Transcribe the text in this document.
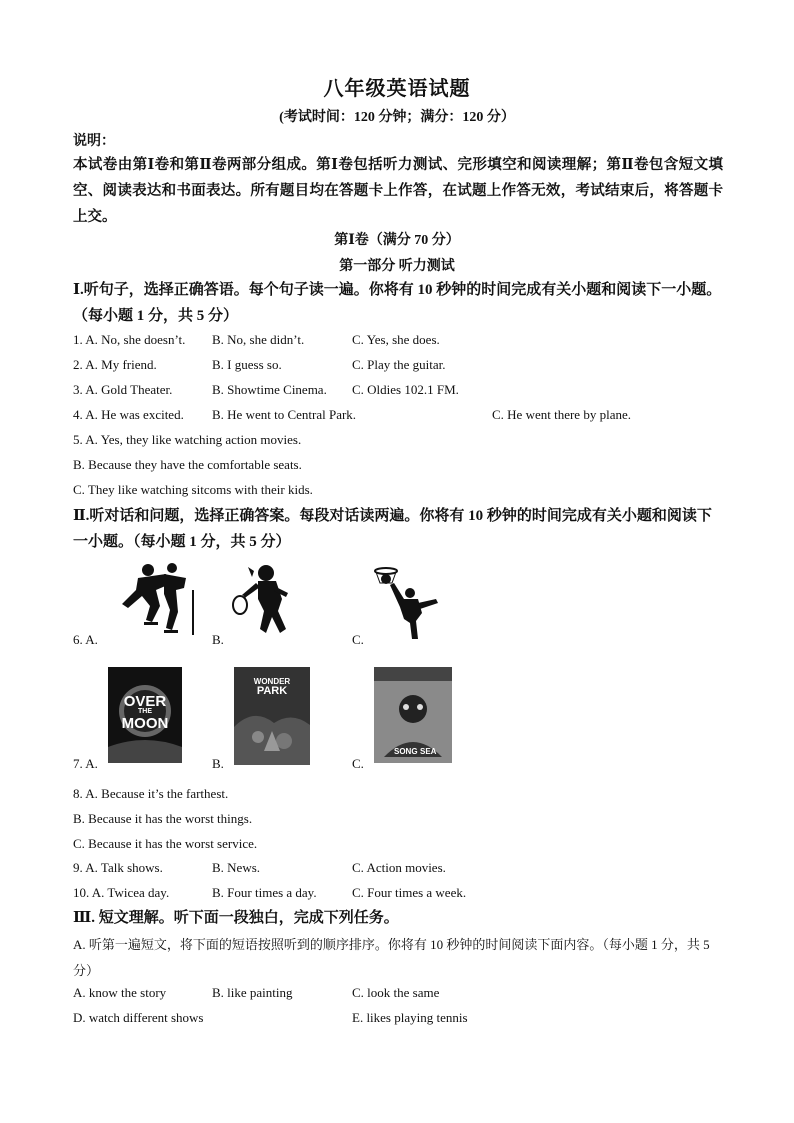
八年级英语试题
(考试时间：120 分钟；满分：120 分）
说明：
本试卷由第Ⅰ卷和第Ⅱ卷两部分组成。第Ⅰ卷包括听力测试、完形填空和阅读理解；第Ⅱ卷包含短文填空、阅读表达和书面表达。所有题目均在答题卡上作答，在试题上作答无效，考试结束后，将答题卡上交。
第Ⅰ卷（满分 70 分）
第一部分 听力测试
Ⅰ.听句子，选择正确答语。每个句子读一遍。你将有 10 秒钟的时间完成有关小题和阅读下一小题。（每小题 1 分，共 5 分）
1. A. No, she doesn’t. B. No, she didn’t.	C. Yes, she does.
2. A. My friend.	B. I guess so.	C. Play the guitar.
3. A. Gold Theater.	B. Showtime Cinema. C. Oldies 102.1 FM.
4. A. He was excited. B. He went to Central Park.	C. He went there by plane.
5. A. Yes, they like watching action movies.
B. Because they have the comfortable seats.
C. They like watching sitcoms with their kids.
Ⅱ.听对话和问题，选择正确答案。每段对话读两遍。你将有 10 秒钟的时间完成有关小题和阅读下一小题。（每小题 1 分，共 5 分）
6. A.	B.	C.
7. A.	B.	C.
OVER
THE
MOON
WONDER
PARK
SONG SEA
8. A. Because it’s the farthest.
B. Because it has the worst things.
C. Because it has the worst service.
9. A. Talk shows.	B. News.	C. Action movies.
10. A. Twicea day.	B. Four times a day.	C. Four times a week.
Ⅲ. 短文理解。听下面一段独白，完成下列任务。
A. 听第一遍短文，将下面的短语按照听到的顺序排序。你将有 10 秒钟的时间阅读下面内容。（每小题 1 分，共 5 分）
A. know the story	B. like painting	C. look the same
D. watch different shows	E. likes playing tennis
